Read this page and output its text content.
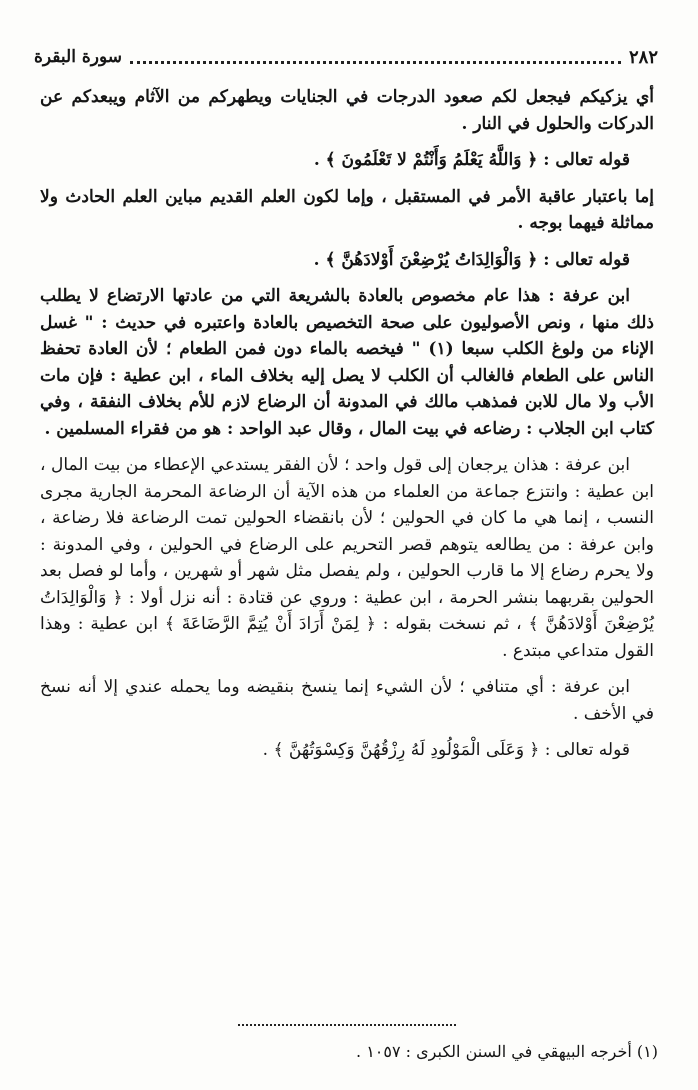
سورة البقرة	٢٨٢

أي يزكيكم فيجعل لكم صعود الدرجات في الجنايات ويطهركم من الآثام ويبعدكم عن الدركات والحلول في النار .

قوله تعالى : ﴿ وَاللَّهُ يَعْلَمُ وَأَنْتُمْ لا تَعْلَمُونَ ﴾ .

إما باعتبار عاقبة الأمر في المستقبل ، وإما لكون العلم القديم مباين العلم الحادث ولا مماثلة فيهما بوجه .

قوله تعالى : ﴿ وَالْوَالِدَاتُ يُرْضِعْنَ أَوْلادَهُنَّ ﴾ .

ابن عرفة : هذا عام مخصوص بالعادة بالشريعة التي من عادتها الارتضاع لا يطلب ذلك منها ، ونص الأصوليون على صحة التخصيص بالعادة واعتبره في حديث : " غسل الإناء من ولوغ الكلب سبعا (١) " فيخصه بالماء دون فمن الطعام ؛ لأن العادة تحفظ الناس على الطعام فالغالب أن الكلب لا يصل إليه بخلاف الماء ، ابن عطية : فإن مات الأب ولا مال للابن فمذهب مالك في المدونة أن الرضاع لازم للأم بخلاف النفقة ، وفي كتاب ابن الجلاب : رضاعه في بيت المال ، وقال عبد الواحد : هو من فقراء المسلمين .

ابن عرفة : هذان يرجعان إلى قول واحد ؛ لأن الفقر يستدعي الإعطاء من بيت المال ، ابن عطية : وانتزع جماعة من العلماء من هذه الآية أن الرضاعة المحرمة الجارية مجرى النسب ، إنما هي ما كان في الحولين ؛ لأن بانقضاء الحولين تمت الرضاعة فلا رضاعة ، وابن عرفة : من يطالعه يتوهم قصر التحريم على الرضاع في الحولين ، وفي المدونة : ولا يحرم رضاع إلا ما قارب الحولين ، ولم يفصل مثل شهر أو شهرين ، وأما لو فصل بعد الحولين بقربهما بنشر الحرمة ، ابن عطية : وروي عن قتادة : أنه نزل أولا : ﴿ وَالْوَالِدَاتُ يُرْضِعْنَ أَوْلادَهُنَّ ﴾ ، ثم نسخت بقوله : ﴿ لِمَنْ أَرَادَ أَنْ يُتِمَّ الرَّضَاعَةَ ﴾ ابن عطية : وهذا القول متداعي مبتدع .

ابن عرفة : أي متنافي ؛ لأن الشيء إنما ينسخ بنقيضه وما يحمله عندي إلا أنه نسخ في الأخف .

قوله تعالى : ﴿ وَعَلَى الْمَوْلُودِ لَهُ رِزْقُهُنَّ وَكِسْوَتُهُنَّ ﴾ .

(١) أخرجه البيهقي في السنن الكبرى : ١٠٥٧ .
